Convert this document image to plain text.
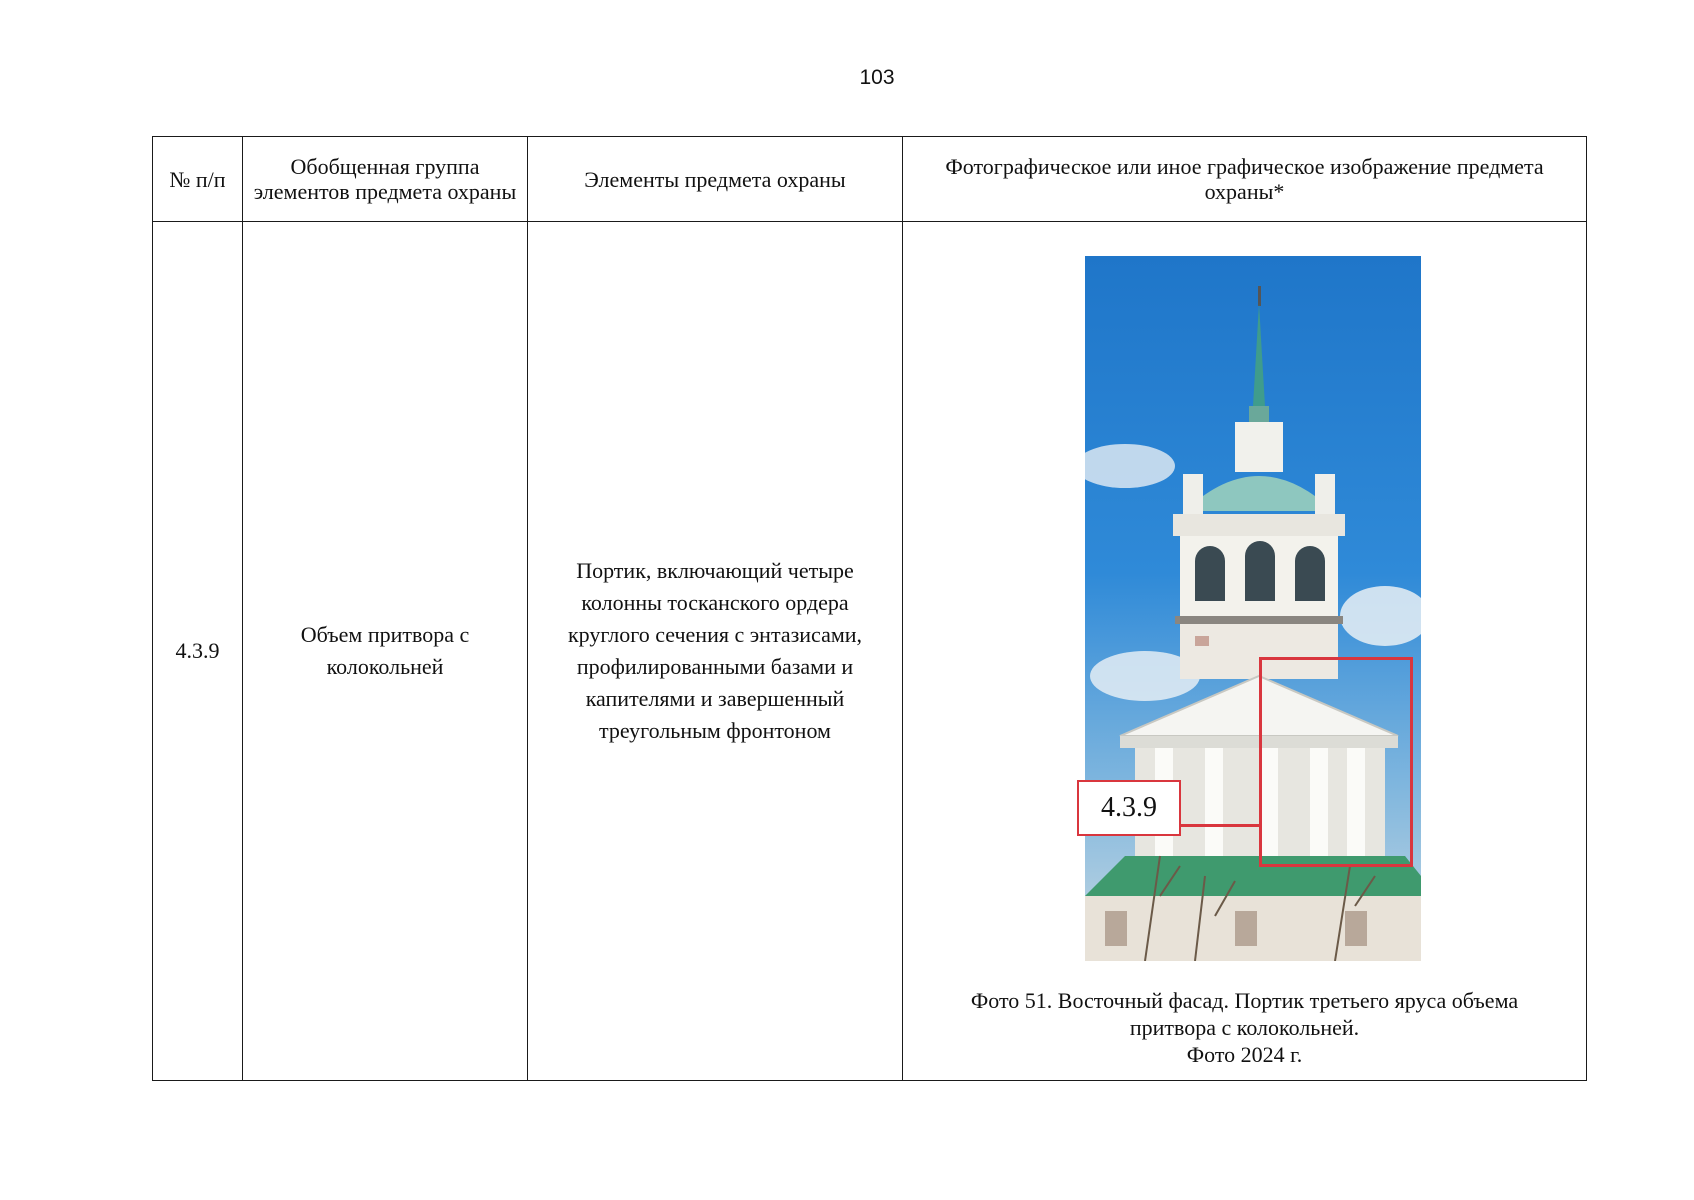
103
№ п/п	Обобщенная группа элементов предмета охраны	Элементы предмета охраны	Фотографическое или иное графическое изображение предмета охраны*
4.3.9	Объем притвора с колокольней	Портик, включающий четыре колонны тосканского ордера круглого сечения с энтазисами, профилированными базами и капителями и завершенный треугольным фронтоном	4.3.9
Фото 51. Восточный фасад. Портик третьего яруса объема
притвора с колокольней.
Фото 2024 г.
